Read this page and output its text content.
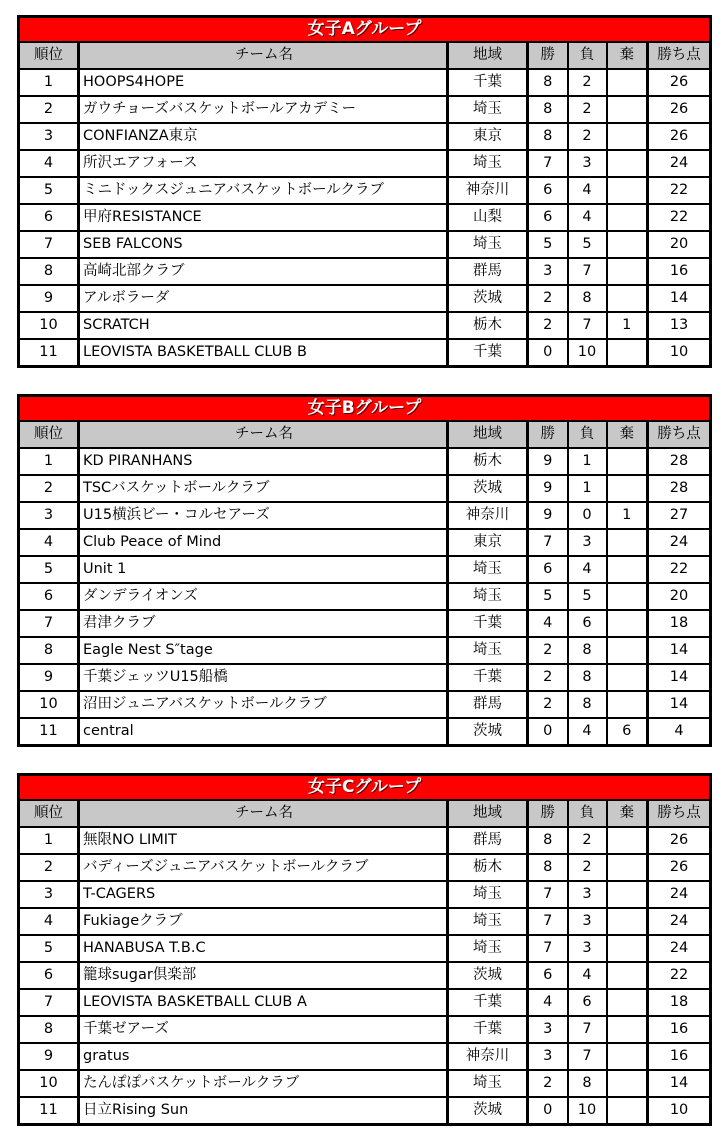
女子Aグループ						
順位	チーム名	地域	勝	負	棄	勝ち点
1	HOOPS4HOPE	千葉	8	2		26
2	ガウチョーズバスケットボールアカデミー	埼玉	8	2		26
3	CONFIANZA東京	東京	8	2		26
4	所沢エアフォース	埼玉	7	3		24
5	ミニドックスジュニアバスケットボールクラブ	神奈川	6	4		22
6	甲府RESISTANCE	山梨	6	4		22
7	SEB FALCONS	埼玉	5	5		20
8	高崎北部クラブ	群馬	3	7		16
9	アルボラーダ	茨城	2	8		14
10	SCRATCH	栃木	2	7	1	13
11	LEOVISTA BASKETBALL CLUB B	千葉	0	10		10
女子Bグループ						
順位	チーム名	地域	勝	負	棄	勝ち点
1	KD PIRANHANS	栃木	9	1		28
2	TSCバスケットボールクラブ	茨城	9	1		28
3	U15横浜ビー・コルセアーズ	神奈川	9	0	1	27
4	Club Peace of Mind	東京	7	3		24
5	Unit 1	埼玉	6	4		22
6	ダンデライオンズ	埼玉	5	5		20
7	君津クラブ	千葉	4	6		18
8	Eagle Nest S″tage	埼玉	2	8		14
9	千葉ジェッツU15船橋	千葉	2	8		14
10	沼田ジュニアバスケットボールクラブ	群馬	2	8		14
11	central	茨城	0	4	6	4
女子Cグループ						
順位	チーム名	地域	勝	負	棄	勝ち点
1	無限NO LIMIT	群馬	8	2		26
2	バディーズジュニアバスケットボールクラブ	栃木	8	2		26
3	T-CAGERS	埼玉	7	3		24
4	Fukiageクラブ	埼玉	7	3		24
5	HANABUSA T.B.C	埼玉	7	3		24
6	籠球sugar倶楽部	茨城	6	4		22
7	LEOVISTA BASKETBALL CLUB A	千葉	4	6		18
8	千葉ゼアーズ	千葉	3	7		16
9	gratus	神奈川	3	7		16
10	たんぽぽバスケットボールクラブ	埼玉	2	8		14
11	日立Rising Sun	茨城	0	10		10
